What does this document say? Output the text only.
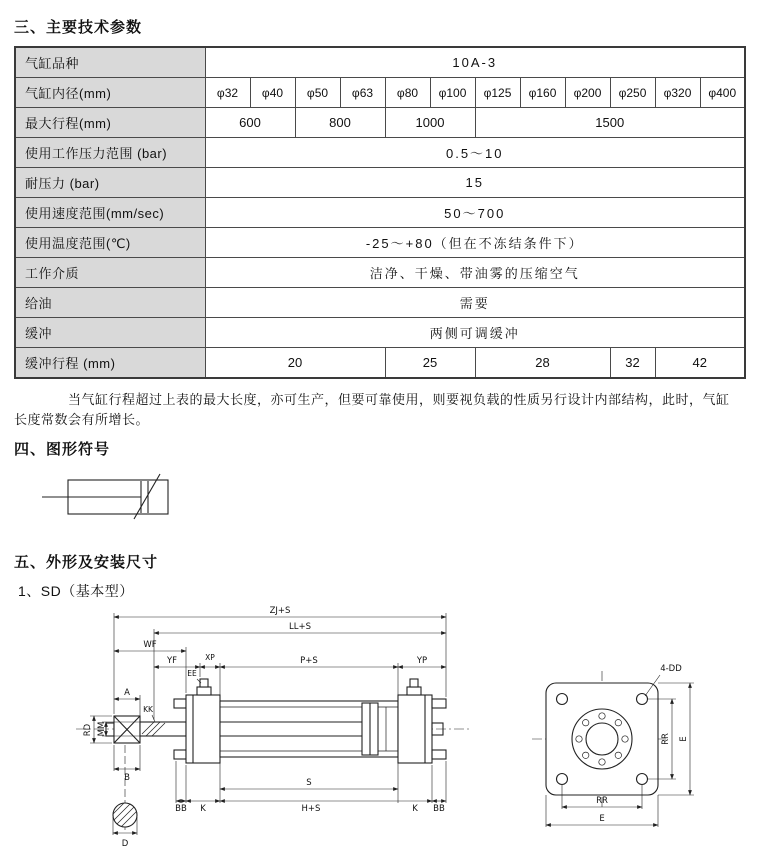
三、主要技术参数
气缸品种	10A-3											
气缸内径(mm)	φ32	φ40	φ50	φ63	φ80	φ100	φ125	φ160	φ200	φ250	φ320	φ400
最大行程(mm)	600		800		1000		1500					
使用工作压力范围 (bar)	0.5～10											
耐压力 (bar)	15											
使用速度范围(mm/sec)	50～700											
使用温度范围(℃)	-25～+80（但在不冻结条件下）											
工作介质	洁净、干燥、带油雾的压缩空气											
给油	需要											
缓冲	两侧可调缓冲											
缓冲行程 (mm)	20				25		28			32	42	

当气缸行程超过上表的最大长度，亦可生产，但要可靠使用，则要视负载的性质另行设计内部结构，此时，气缸长度常数会有所增长。

四、图形符号
五、外形及安装尺寸
1、SD（基本型）
ZJ+S
LL+S
WF
YF	XP	P+S	YP
EE
A
KK
RD MM
B
D
BB K
S
H+S	K BB
4-DD
RR
E
RR E
